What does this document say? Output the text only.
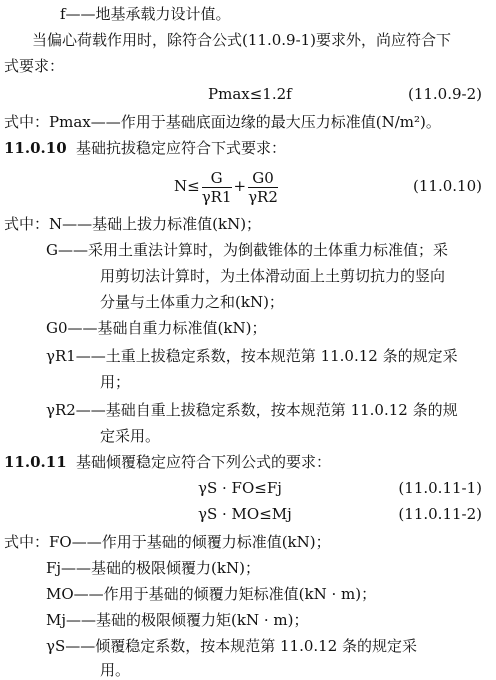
f——地基承载力设计值。
当偏心荷载作用时，除符合公式(11.0.9-1)要求外，尚应符合下
式要求：
Pmax≤1.2f	(11.0.9-2)
式中：Pmax——作用于基础底面边缘的最大压力标准值(N/m²)。
11.0.10 基础抗拔稳定应符合下式要求：
$N\le \frac{G}{\gamma R1} + \frac{G0}{\gamma R2}$	(11.0.10)
式中：N——基础上拔力标准值(kN)；
G——采用土重法计算时，为倒截锥体的土体重力标准值；采
用剪切法计算时，为土体滑动面上土剪切抗力的竖向
分量与土体重力之和(kN)；
G0——基础自重力标准值(kN)；
γR1——土重上拔稳定系数，按本规范第 11.0.12 条的规定采
用；
γR2——基础自重上拔稳定系数，按本规范第 11.0.12 条的规
定采用。
11.0.11 基础倾覆稳定应符合下列公式的要求：
γS · FO≤Fj	(11.0.11-1)
γS · MO≤Mj	(11.0.11-2)
式中：FO——作用于基础的倾覆力标准值(kN)；
Fj——基础的极限倾覆力(kN)；
MO——作用于基础的倾覆力矩标准值(kN · m)；
Mj——基础的极限倾覆力矩(kN · m)；
γS——倾覆稳定系数，按本规范第 11.0.12 条的规定采
用。
